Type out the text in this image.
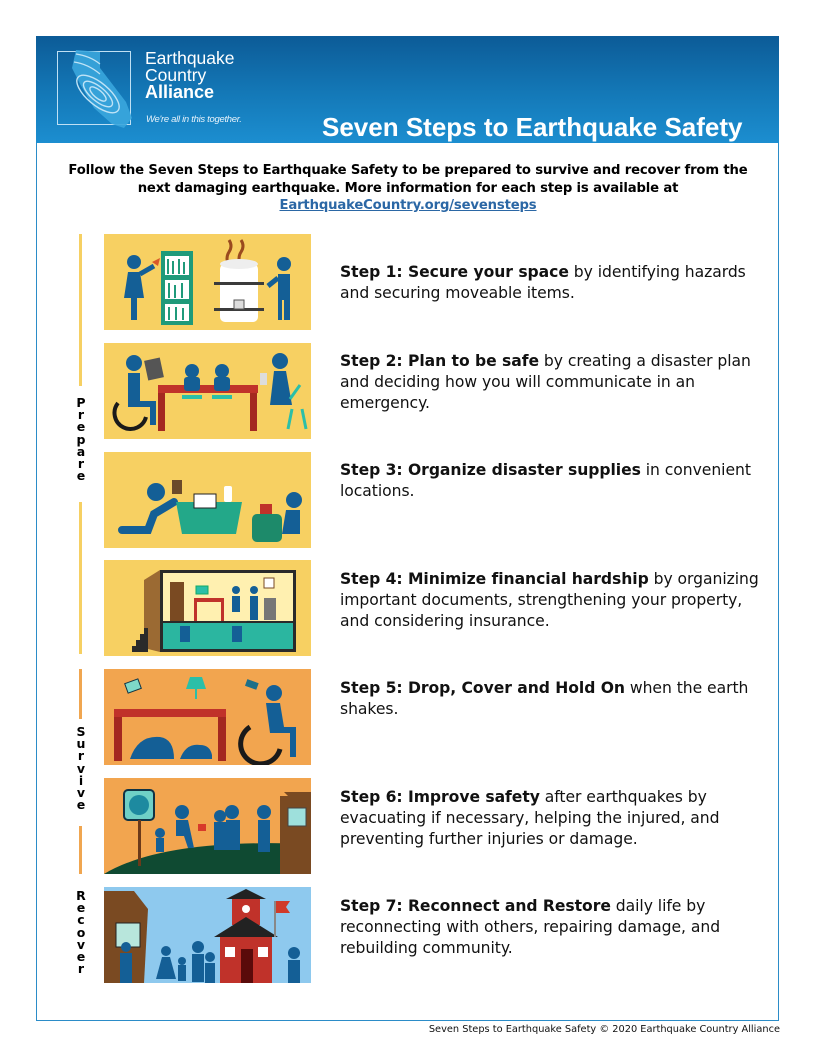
Earthquake
Country
Alliance
We're all in this together.	Seven Steps to Earthquake Safety
Follow the Seven Steps to Earthquake Safety to be prepared to survive and recover from the next damaging earthquake. More information for each step is available at
EarthquakeCountry.org/sevensteps
P
r
e
p
a
r
e
S
u
r
v
i
v
e
R
e
c
o
v
e
r
Step 1: Secure your space by identifying hazards and securing moveable items.
Step 2: Plan to be safe by creating a disaster plan and deciding how you will communicate in an emergency.
Step 3: Organize disaster supplies in convenient locations.
Step 4: Minimize financial hardship by organizing important documents, strengthening your property, and considering insurance.
Step 5: Drop, Cover and Hold On when the earth shakes.
Step 6: Improve safety after earthquakes by evacuating if necessary, helping the injured, and preventing further injuries or damage.
Step 7: Reconnect and Restore daily life by reconnecting with others, repairing damage, and rebuilding community.
Seven Steps to Earthquake Safety © 2020 Earthquake Country Alliance
